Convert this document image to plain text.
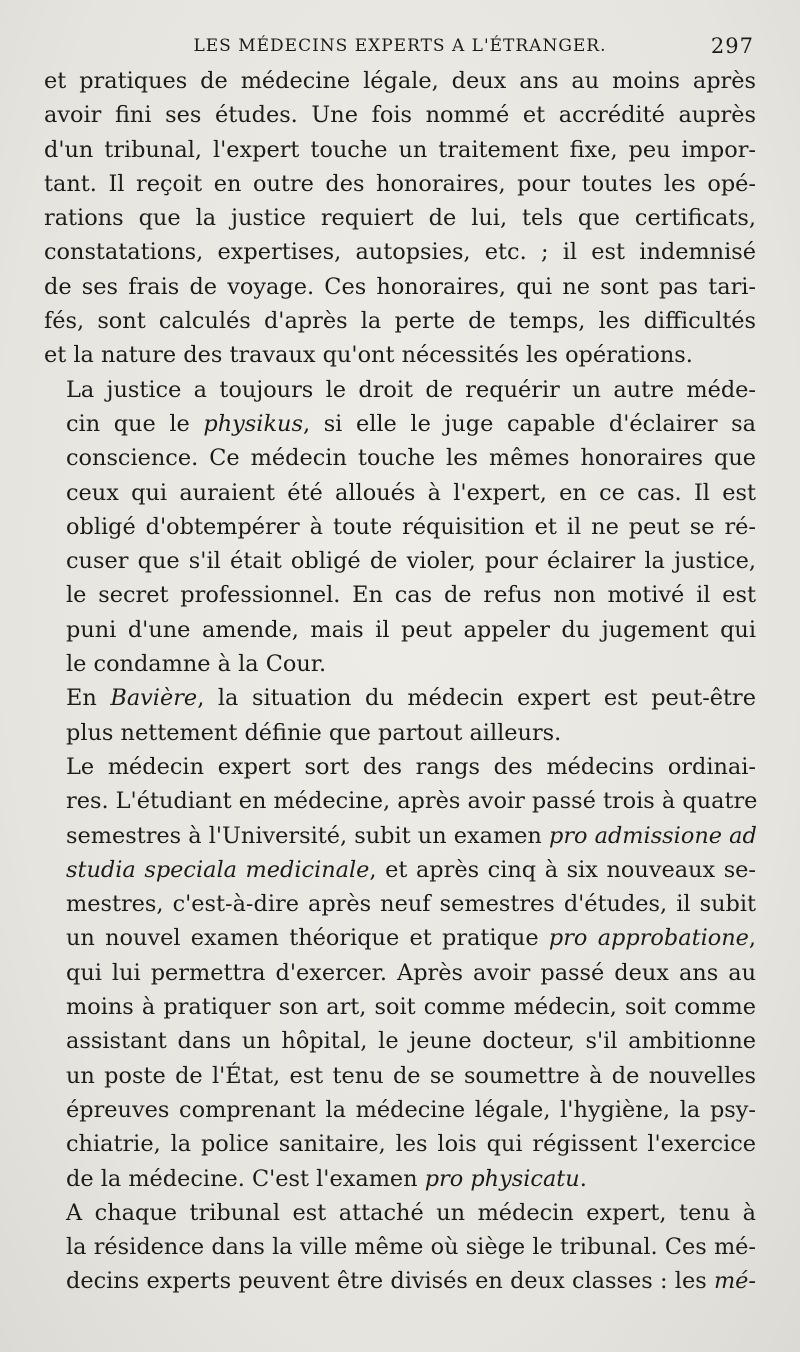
LES MÉDECINS EXPERTS A L'ÉTRANGER.	297

et pratiques de médecine légale, deux ans au moins après
avoir fini ses études. Une fois nommé et accrédité auprès
d'un tribunal, l'expert touche un traitement fixe, peu impor-
tant. Il reçoit en outre des honoraires, pour toutes les opé-
rations que la justice requiert de lui, tels que certificats,
constatations, expertises, autopsies, etc. ; il est indemnisé
de ses frais de voyage. Ces honoraires, qui ne sont pas tari-
fés, sont calculés d'après la perte de temps, les difficultés
et la nature des travaux qu'ont nécessités les opérations.

La justice a toujours le droit de requérir un autre méde-
cin que le physikus, si elle le juge capable d'éclairer sa
conscience. Ce médecin touche les mêmes honoraires que
ceux qui auraient été alloués à l'expert, en ce cas. Il est
obligé d'obtempérer à toute réquisition et il ne peut se ré-
cuser que s'il était obligé de violer, pour éclairer la justice,
le secret professionnel. En cas de refus non motivé il est
puni d'une amende, mais il peut appeler du jugement qui
le condamne à la Cour.

En Bavière, la situation du médecin expert est peut-être
plus nettement définie que partout ailleurs.

Le médecin expert sort des rangs des médecins ordinai-
res. L'étudiant en médecine, après avoir passé trois à quatre
semestres à l'Université, subit un examen pro admissione ad
studia speciala medicinale, et après cinq à six nouveaux se-
mestres, c'est-à-dire après neuf semestres d'études, il subit
un nouvel examen théorique et pratique pro approbatione,
qui lui permettra d'exercer. Après avoir passé deux ans au
moins à pratiquer son art, soit comme médecin, soit comme
assistant dans un hôpital, le jeune docteur, s'il ambitionne
un poste de l'État, est tenu de se soumettre à de nouvelles
épreuves comprenant la médecine légale, l'hygiène, la psy-
chiatrie, la police sanitaire, les lois qui régissent l'exercice
de la médecine. C'est l'examen pro physicatu.

A chaque tribunal est attaché un médecin expert, tenu à
la résidence dans la ville même où siège le tribunal. Ces mé-
decins experts peuvent être divisés en deux classes : les mé-
